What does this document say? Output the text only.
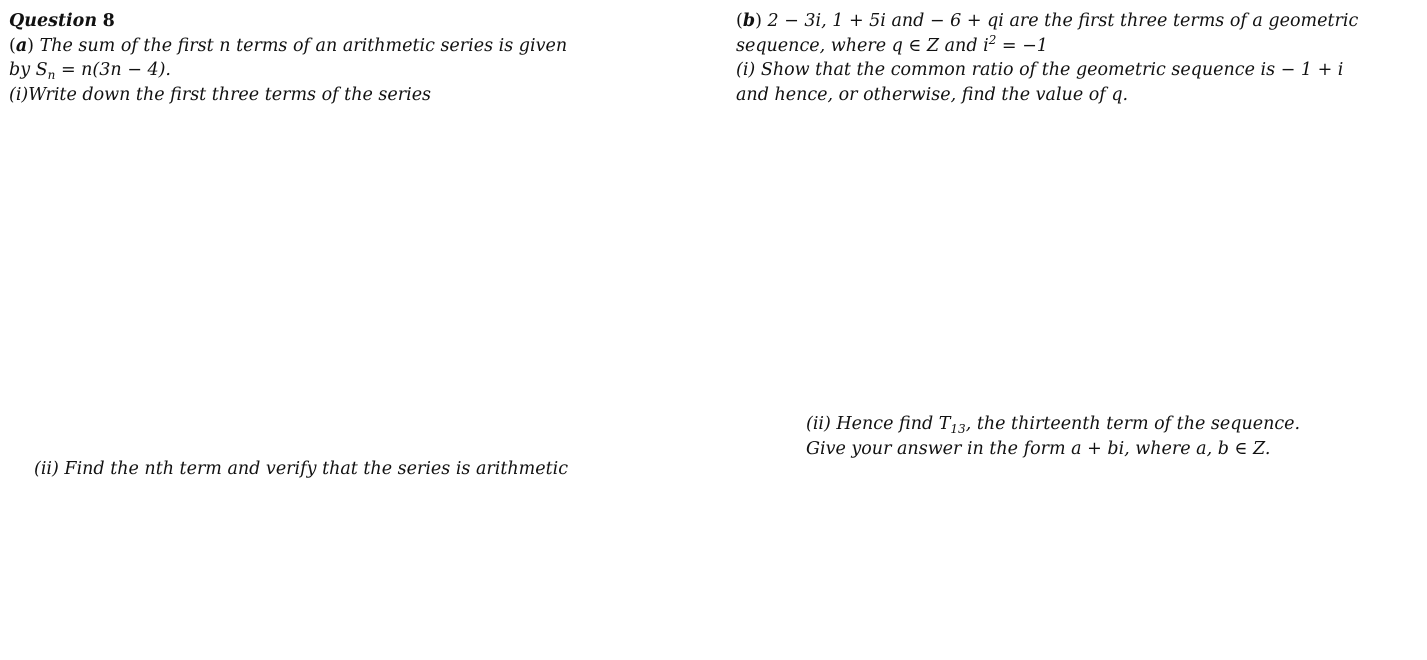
Question 8
(a) The sum of the first n terms of an arithmetic series is given
by $S_n = n(3n - 4)$.
(i)Write down the first three terms of the series
(b) 2 − 3i, 1 + 5i and − 6 + qi are the first three terms of a geometric
sequence, where q ∈ Z and $i^2 = -1$
(i) Show that the common ratio of the geometric sequence is − 1 + i
and hence, or otherwise, find the value of q.
(ii) Find the nth term and verify that the series is arithmetic
(ii) Hence find $T_{13}$, the thirteenth term of the sequence.
Give your answer in the form a + bi, where a, b ∈ Z.
